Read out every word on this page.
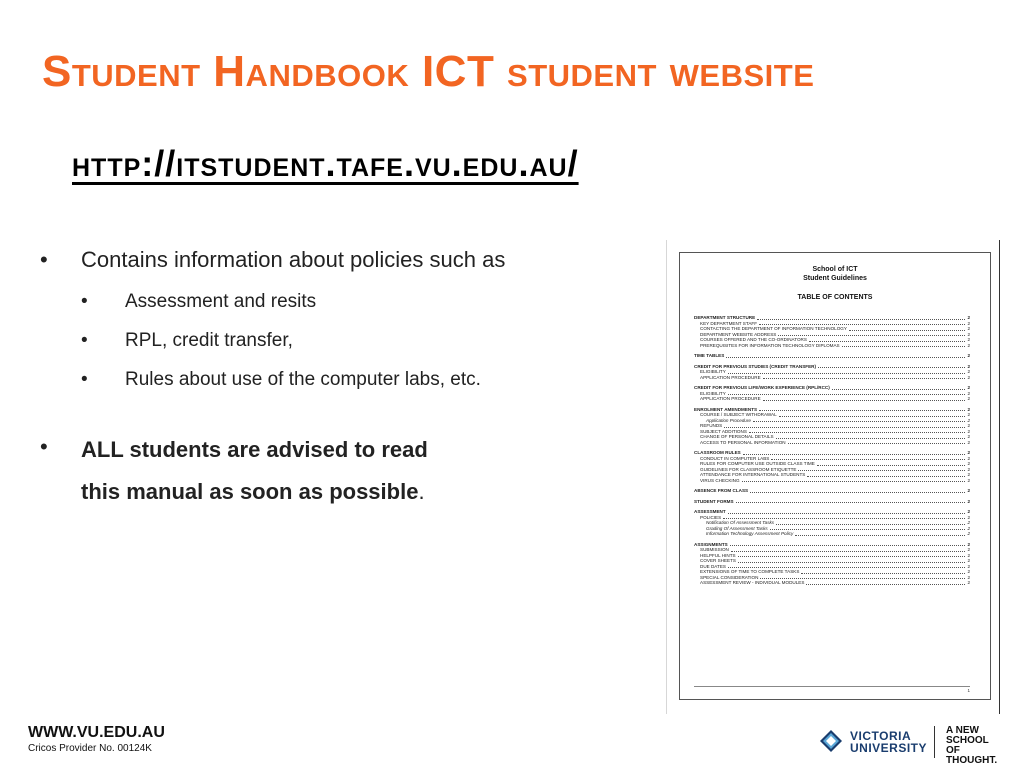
Student Handbook ICT student website
http://itstudent.tafe.vu.edu.au/
• Contains information about policies such as
• Assessment and resits
• RPL, credit transfer,
• Rules about use of the computer labs, etc.
• ALL students are advised to read
this manual as soon as possible.
School of ICT
Student Guidelines
TABLE OF CONTENTS
DEPARTMENT STRUCTURE	2
KEY DEPARTMENT STAFF	2
CONTACTING THE DEPARTMENT OF INFORMATION TECHNOLOGY	2
DEPARTMENT WEBSITE ADDRESS	2
COURSES OFFERED AND THE CO-ORDINATORS	2
PREREQUISITES FOR INFORMATION TECHNOLOGY DIPLOMAS	2
TIME TABLES	2
CREDIT FOR PREVIOUS STUDIES (CREDIT TRANSFER)	2
ELIGIBILITY	2
APPLICATION PROCEDURE	2
CREDIT FOR PREVIOUS LIFE/WORK EXPERIENCE (RPL/RCC)	2
ELIGIBILITY	2
APPLICATION PROCEDURE	2
ENROLMENT AMENDMENTS	2
COURSE / SUBJECT WITHDRAWAL	2
Application Procedure	2
REFUNDS	2
SUBJECT ADDITIONS	2
CHANGE OF PERSONAL DETAILS	2
ACCESS TO PERSONAL INFORMATION	2
CLASSROOM RULES	2
CONDUCT IN COMPUTER LABS	2
RULES FOR COMPUTER USE OUTSIDE CLASS TIME	2
GUIDELINES FOR CLASSROOM ETIQUETTE	2
ATTENDANCE FOR INTERNATIONAL STUDENTS	2
VIRUS CHECKING	2
ABSENCE FROM CLASS	2
STUDENT FORMS	2
ASSESSMENT	2
POLICIES	2
Notification Of Assessment Tasks	2
Grading Of Assessment Tasks	2
Information Technology Assessment Policy	2
ASSIGNMENTS	2
SUBMISSION	2
HELPFUL HINTS	2
COVER SHEETS	2
DUE DATES	2
EXTENSIONS OF TIME TO COMPLETE TASKS	2
SPECIAL CONSIDERATION	2
ASSESSMENT REVIEW - INDIVIDUAL MODULES	2
1
WWW.VU.EDU.AU
Cricos Provider No. 00124K
VICTORIA
UNIVERSITY
A NEW
SCHOOL OF
THOUGHT.
